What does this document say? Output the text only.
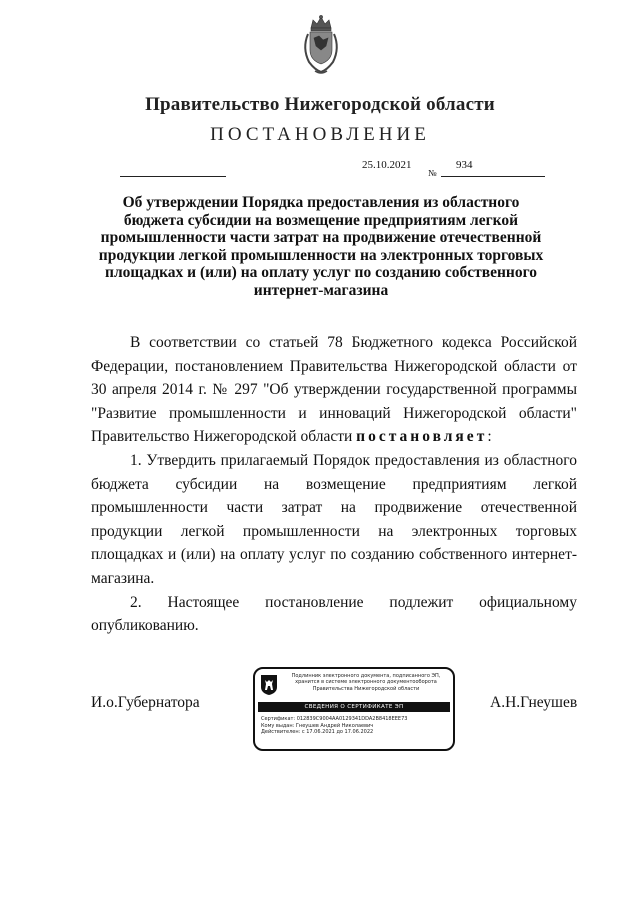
Правительство Нижегородской области
ПОСТАНОВЛЕНИЕ
25.10.2021
№
934
Об утверждении Порядка предоставления из областного бюджета субсидии на возмещение предприятиям легкой промышленности части затрат на продвижение отечественной продукции легкой промышленности на электронных торговых площадках и (или) на оплату услуг по созданию собственного интернет-магазина

В соответствии со статьей 78 Бюджетного кодекса Российской Федерации, постановлением Правительства Нижегородской области от 30 апреля 2014 г. № 297 "Об утверждении государственной программы "Развитие промышленности и инноваций Нижегородской области" Правительство Нижегородской области постановляет:

1. Утвердить прилагаемый Порядок предоставления из областного бюджета субсидии на возмещение предприятиям легкой промышленности части затрат на продвижение отечественной продукции легкой промышленности на электронных торговых площадках и (или) на оплату услуг по созданию собственного интернет-магазина.

2. Настоящее постановление подлежит официальному опубликованию.

И.о.Губернатора
Подлинник электронного документа, подписанного ЭП, хранится в системе электронного документооборота Правительства Нижегородской области
СВЕДЕНИЯ О СЕРТИФИКАТЕ ЭП
Сертификат: 012839C9004AA0129341DDA2B8418EEE73
Кому выдан: Гнеушев Андрей Николаевич
Действителен: с 17.06.2021 до 17.06.2022
А.Н.Гнеушев
